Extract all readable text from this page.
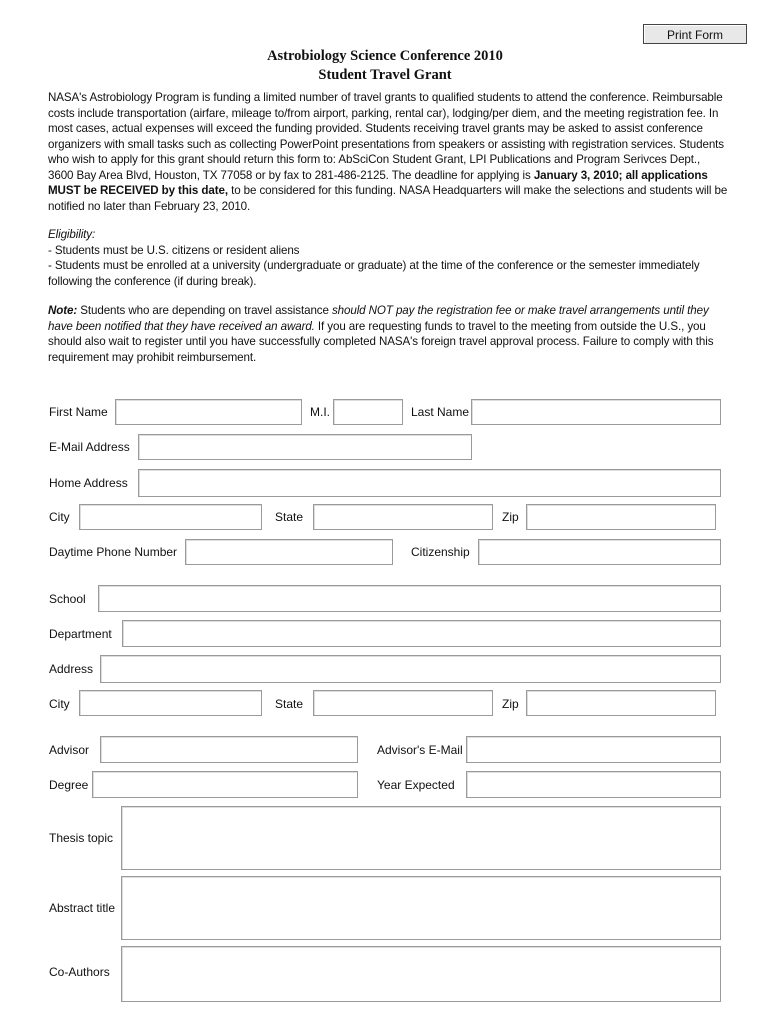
Print Form
Astrobiology Science Conference 2010
Student Travel Grant
NASA's Astrobiology Program is funding a limited number of travel grants to qualified students to attend the conference. Reimbursable costs include transportation (airfare, mileage to/from airport, parking, rental car), lodging/per diem, and the meeting registration fee. In most cases, actual expenses will exceed the funding provided. Students receiving travel grants may be asked to assist conference organizers with small tasks such as collecting PowerPoint presentations from speakers or assisting with registration services. Students who wish to apply for this grant should return this form to: AbSciCon Student Grant, LPI Publications and Program Serivces Dept., 3600 Bay Area Blvd, Houston, TX 77058 or by fax to 281-486-2125. The deadline for applying is January 3, 2010; all applications MUST be RECEIVED by this date, to be considered for this funding. NASA Headquarters will make the selections and students will be notified no later than February 23, 2010.
Eligibility:
- Students must be U.S. citizens or resident aliens
- Students must be enrolled at a university (undergraduate or graduate) at the time of the conference or the semester immediately following the conference (if during break).
Note: Students who are depending on travel assistance should NOT pay the registration fee or make travel arrangements until they have been notified that they have received an award. If you are requesting funds to travel to the meeting from outside the U.S., you should also wait to register until you have successfully completed NASA's foreign travel approval process. Failure to comply with this requirement may prohibit reimbursement.
First Name	M.I.	Last Name
E-Mail Address
Home Address
City	State	Zip
Daytime Phone Number	Citizenship
School
Department
Address
City	State	Zip
Advisor	Advisor's E-Mail
Degree	Year Expected
Thesis topic
Abstract title
Co-Authors
